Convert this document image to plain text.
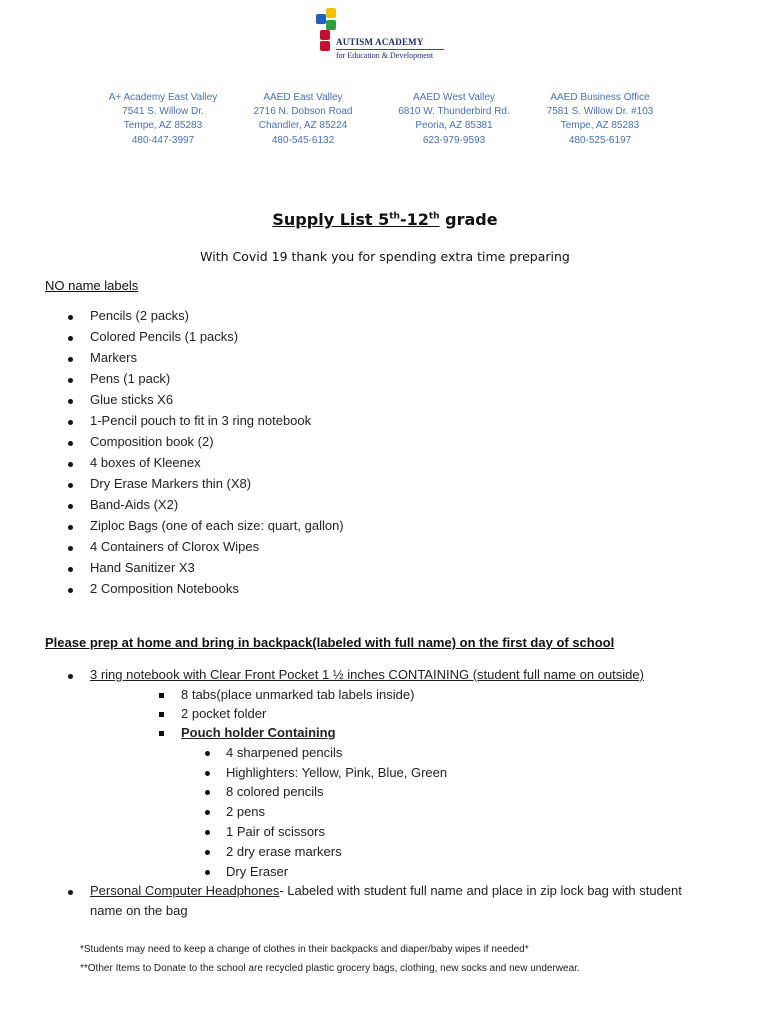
AUTISM ACADEMY
for Education & Development
A+ Academy East Valley
7541 S. Willow Dr.
Tempe, AZ 85283
480-447-3997
AAED East Valley
2716 N. Dobson Road
Chandler, AZ 85224
480-545-6132
AAED West Valley
6810 W. Thunderbird Rd.
Peoria, AZ 85381
623-979-9593
AAED Business Office
7581 S. Willow Dr. #103
Tempe, AZ 85283
480-525-6197
Supply List 5th-12th grade
With Covid 19 thank you for spending extra time preparing
NO name labels
Pencils (2 packs)
Colored Pencils (1 packs)
Markers
Pens (1 pack)
Glue sticks X6
1-Pencil pouch to fit in 3 ring notebook
Composition book (2)
4 boxes of Kleenex
Dry Erase Markers thin (X8)
Band-Aids (X2)
Ziploc Bags (one of each size: quart, gallon)
4 Containers of Clorox Wipes
Hand Sanitizer X3
2 Composition Notebooks
Please prep at home and bring in backpack(labeled with full name) on the first day of school
3 ring notebook with Clear Front Pocket 1 ½ inches CONTAINING (student full name on outside)
8 tabs(place unmarked tab labels inside)
2 pocket folder
Pouch holder Containing
4 sharpened pencils
Highlighters: Yellow, Pink, Blue, Green
8 colored pencils
2 pens
1 Pair of scissors
2 dry erase markers
Dry Eraser
Personal Computer Headphones- Labeled with student full name and place in zip lock bag with student
name on the bag
*Students may need to keep a change of clothes in their backpacks and diaper/baby wipes if needed*
**Other Items to Donate to the school are recycled plastic grocery bags, clothing, new socks and new underwear.
